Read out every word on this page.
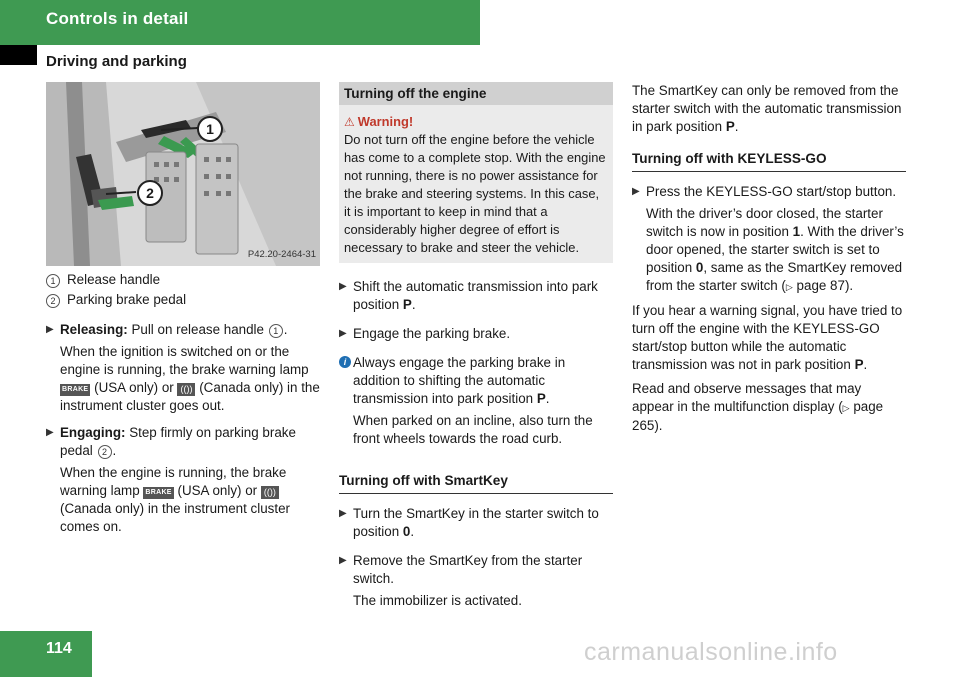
Controls in detail
Driving and parking
1
2
P42.20-2464-31
1 Release handle
2 Parking brake pedal
▶ Releasing: Pull on release handle 1 .
When the ignition is switched on or the engine is running, the brake warning lamp BRAKE (USA only) or (()) (Canada only) in the instrument cluster goes out.
▶ Engaging: Step firmly on parking brake pedal 2 .
When the engine is running, the brake warning lamp BRAKE (USA only) or (()) (Canada only) in the instrument cluster comes on.
Turning off the engine
⚠ Warning!

Do not turn off the engine before the vehicle has come to a complete stop. With the engine not running, there is no power assistance for the brake and steering systems. In this case, it is important to keep in mind that a considerably higher degree of effort is necessary to brake and steer the vehicle.

▶ Shift the automatic transmission into park position P.
▶ Engage the parking brake.
i Always engage the parking brake in addition to shifting the automatic transmission into park position P.
When parked on an incline, also turn the front wheels towards the road curb.
Turning off with SmartKey
▶ Turn the SmartKey in the starter switch to position 0.
▶ Remove the SmartKey from the starter switch.
The immobilizer is activated.

The SmartKey can only be removed from the starter switch with the automatic transmission in park position P.

Turning off with KEYLESS-GO
▶ Press the KEYLESS-GO start/stop button.
With the driver’s door closed, the starter switch is now in position 1. With the driver’s door opened, the starter switch is set to position 0, same as the SmartKey removed from the starter switch (▷ page 87).

If you hear a warning signal, you have tried to turn off the engine with the KEYLESS-GO start/stop button while the automatic transmission was not in park position P.

Read and observe messages that may appear in the multifunction display (▷ page 265).

114	carmanualsonline.info
